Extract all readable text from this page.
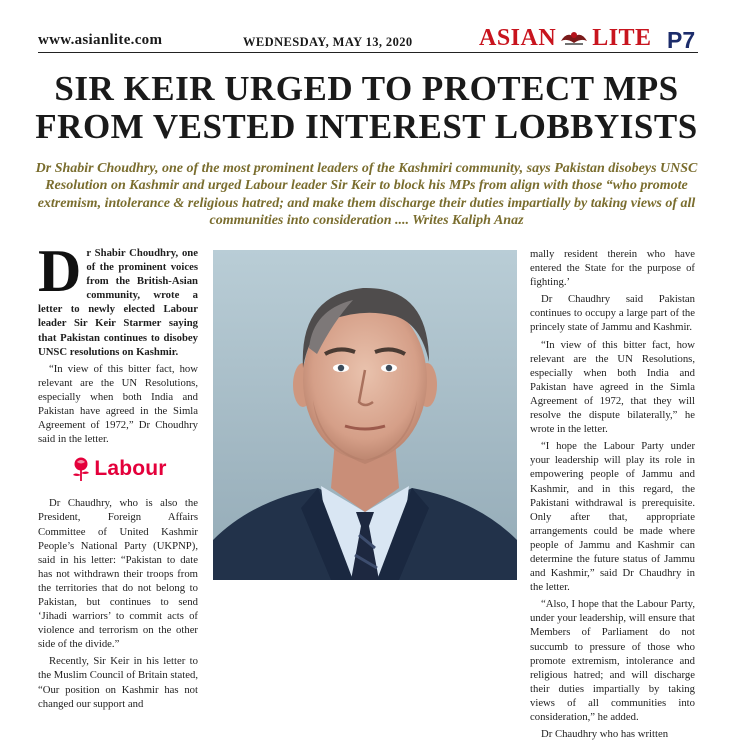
www.asianlite.com	WEDNESDAY, MAY 13, 2020	ASIAN LITE P7
SIR KEIR URGED TO PROTECT MPS FROM VESTED INTEREST LOBBYISTS

Dr Shabir Choudhry, one of the most prominent leaders of the Kashmiri community, says Pakistan disobeys UNSC Resolution on Kashmir and urged Labour leader Sir Keir to block his MPs from align with those “who promote extremism, intolerance & religious hatred; and make them discharge their duties impartially by taking views of all communities into consideration .... Writes Kaliph Anaz

Dr Shabir Choudhry, one of the prominent voices from the British-Asian community, wrote a letter to newly elected Labour leader Sir Keir Starmer saying that Pakistan continues to disobey UNSC resolutions on Kashmir.

“In view of this bitter fact, how relevant are the UN Resolutions, especially when both India and Pakistan have agreed in the Simla Agreement of 1972,” Dr Choudhry said in the letter.

Labour

Dr Chaudhry, who is also the President, Foreign Affairs Committee of United Kashmir People’s National Party (UKPNP), said in his letter: “Pakistan to date has not withdrawn their troops from the territories that do not belong to Pakistan, but continues to send ‘Jihadi warriors’ to commit acts of violence and terrorism on the other side of the divide.”

Recently, Sir Keir in his letter to the Muslim Council of Britain stated, “Our position on Kashmir has not changed our support and

mally resident therein who have entered the State for the purpose of fighting.’

Dr Chaudhry said Pakistan continues to occupy a large part of the princely state of Jammu and Kashmir.

“In view of this bitter fact, how relevant are the UN Resolutions, especially when both India and Pakistan have agreed in the Simla Agreement of 1972, that they will resolve the dispute bilaterally,” he wrote in the letter.

“I hope the Labour Party under your leadership will play its role in empowering people of Jammu and Kashmir, and in this regard, the Pakistani withdrawal is prerequisite. Only after that, appropriate arrangements could be made where people of Jammu and Kashmir can determine the future status of Jammu and Kashmir,” said Dr Chaudhry in the letter.

“Also, I hope that the Labour Party, under your leadership, will ensure that Members of Parliament do not succumb to pressure of those who promote extremism, intolerance and religious hatred; and will discharge their duties impartially by taking views of all communities into consideration,” he added.

Dr Chaudhry who has written
